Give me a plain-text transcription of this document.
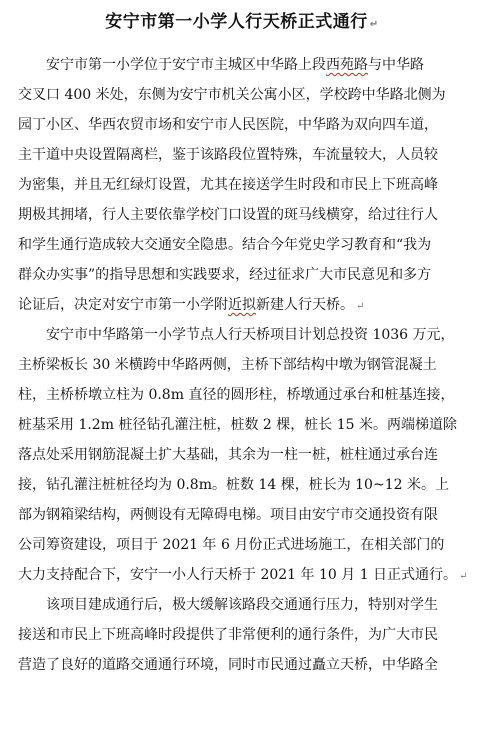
安宁市第一小学人行天桥正式通行 ↵
安宁市第一小学位于安宁市主城区中华路上段西苑路与中华路
交叉口 400 米处，东侧为安宁市机关公寓小区，学校跨中华路北侧为
园丁小区、华西农贸市场和安宁市人民医院，中华路为双向四车道，
主干道中央设置隔离栏，鉴于该路段位置特殊，车流量较大，人员较
为密集，并且无红绿灯设置，尤其在接送学生时段和市民上下班高峰
期极其拥堵，行人主要依靠学校门口设置的斑马线横穿，给过往行人
和学生通行造成较大交通安全隐患。结合今年党史学习教育和“我为
群众办实事”的指导思想和实践要求，经过征求广大市民意见和多方
论证后，决定对安宁市第一小学附近拟新建人行天桥。 ↵
安宁市中华路第一小学节点人行天桥项目计划总投资 1036 万元，
主桥梁板长 30 米横跨中华路两侧，主桥下部结构中墩为钢管混凝土
柱，主桥桥墩立柱为 0.8m 直径的圆形柱，桥墩通过承台和桩基连接，
桩基采用 1.2m 桩径钻孔灌注桩，桩数 2 棵，桩长 15 米。两端梯道除
落点处采用钢筋混凝土扩大基础，其余为一柱一桩，桩柱通过承台连
接，钻孔灌注桩桩径均为 0.8m。桩数 14 棵，桩长为 10~12 米。上
部为钢箱梁结构，两侧设有无障碍电梯。项目由安宁市交通投资有限
公司筹资建设，项目于 2021 年 6 月份正式进场施工，在相关部门的
大力支持配合下，安宁一小人行天桥于 2021 年 10 月 1 日正式通行。 ↵
该项目建成通行后，极大缓解该路段交通通行压力，特别对学生
接送和市民上下班高峰时段提供了非常便利的通行条件，为广大市民
营造了良好的道路交通通行环境，同时市民通过矗立天桥，中华路全
